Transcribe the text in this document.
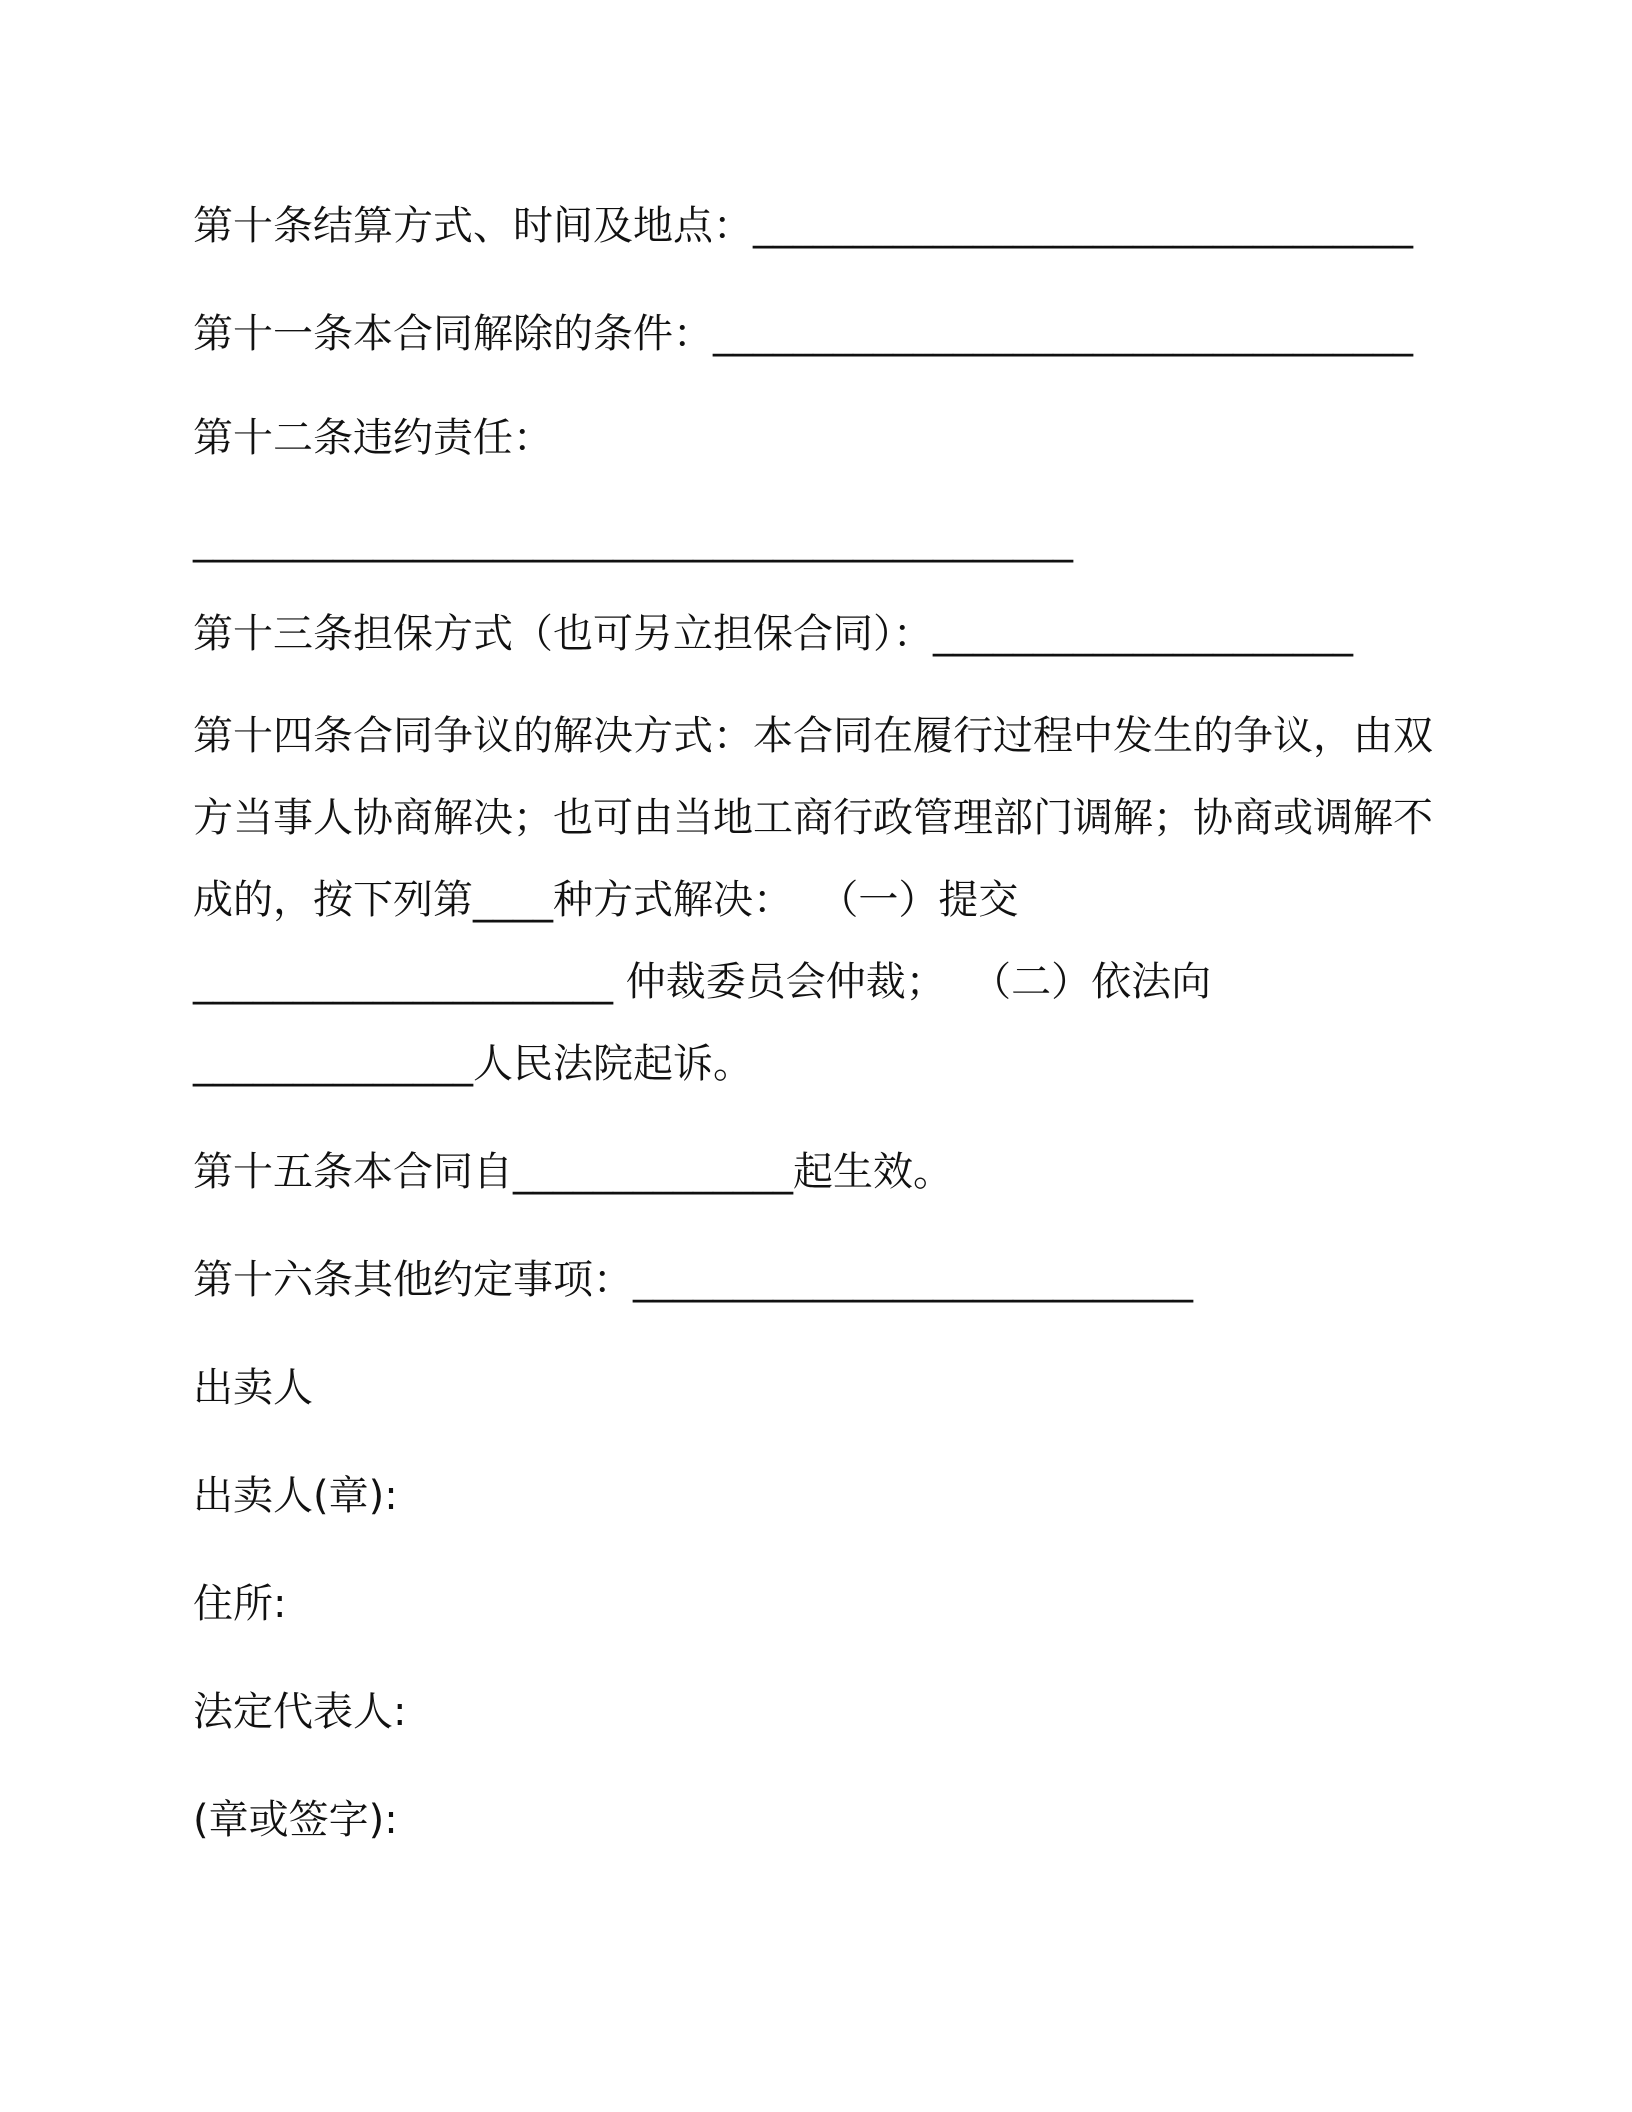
第十条结算方式、时间及地点：_________________________________
第十一条本合同解除的条件：___________________________________
第十二条违约责任：
____________________________________________
第十三条担保方式（也可另立担保合同）：_____________________
第十四条合同争议的解决方式：本合同在履行过程中发生的争议，由双
方当事人协商解决；也可由当地工商行政管理部门调解；协商或调解不
成的，按下列第____种方式解决：  （一）提交
_____________________ 仲裁委员会仲裁；  （二）依法向
______________人民法院起诉。
第十五条本合同自______________起生效。
第十六条其他约定事项：____________________________
出卖人
出卖人(章):
住所:
法定代表人:
(章或签字):
